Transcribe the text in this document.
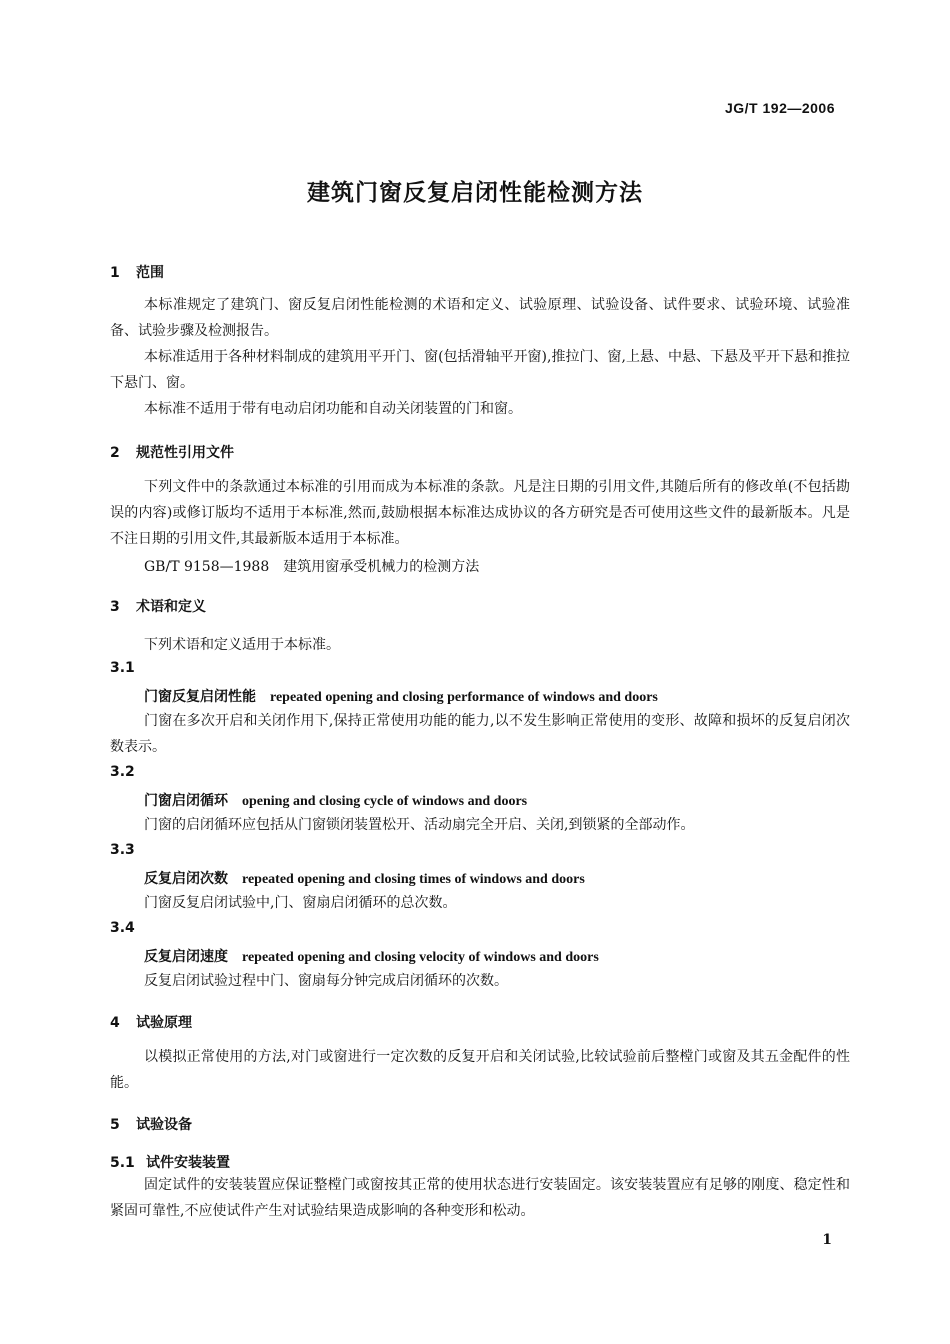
JG/T 192—2006
建筑门窗反复启闭性能检测方法
1 范围
本标准规定了建筑门、窗反复启闭性能检测的术语和定义、试验原理、试验设备、试件要求、试验环境、试验准备、试验步骤及检测报告。
本标准适用于各种材料制成的建筑用平开门、窗(包括滑轴平开窗),推拉门、窗,上悬、中悬、下悬及平开下悬和推拉下悬门、窗。
本标准不适用于带有电动启闭功能和自动关闭装置的门和窗。
2 规范性引用文件
下列文件中的条款通过本标准的引用而成为本标准的条款。凡是注日期的引用文件,其随后所有的修改单(不包括勘误的内容)或修订版均不适用于本标准,然而,鼓励根据本标准达成协议的各方研究是否可使用这些文件的最新版本。凡是不注日期的引用文件,其最新版本适用于本标准。
GB/T 9158—1988　建筑用窗承受机械力的检测方法
3 术语和定义
下列术语和定义适用于本标准。
3.1
门窗反复启闭性能 repeated opening and closing performance of windows and doors
门窗在多次开启和关闭作用下,保持正常使用功能的能力,以不发生影响正常使用的变形、故障和损坏的反复启闭次数表示。
3.2
门窗启闭循环 opening and closing cycle of windows and doors
门窗的启闭循环应包括从门窗锁闭装置松开、活动扇完全开启、关闭,到锁紧的全部动作。
3.3
反复启闭次数 repeated opening and closing times of windows and doors
门窗反复启闭试验中,门、窗扇启闭循环的总次数。
3.4
反复启闭速度 repeated opening and closing velocity of windows and doors
反复启闭试验过程中门、窗扇每分钟完成启闭循环的次数。
4 试验原理
以模拟正常使用的方法,对门或窗进行一定次数的反复开启和关闭试验,比较试验前后整樘门或窗及其五金配件的性能。
5 试验设备
5.1 试件安装装置
固定试件的安装装置应保证整樘门或窗按其正常的使用状态进行安装固定。该安装装置应有足够的刚度、稳定性和紧固可靠性,不应使试件产生对试验结果造成影响的各种变形和松动。
1
